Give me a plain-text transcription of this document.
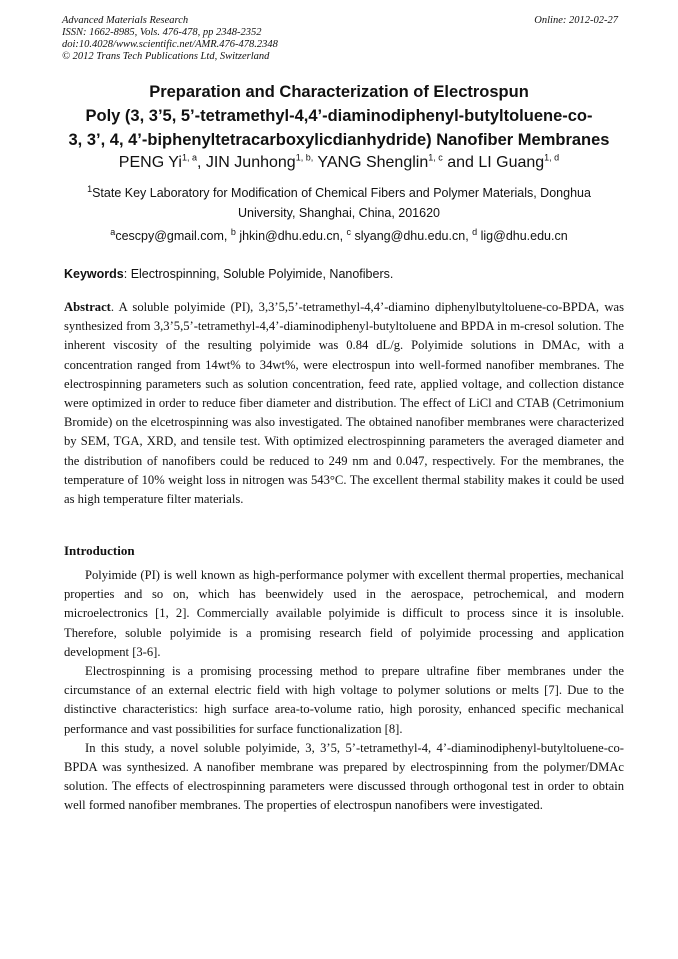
Advanced Materials Research
ISSN: 1662-8985, Vols. 476-478, pp 2348-2352
doi:10.4028/www.scientific.net/AMR.476-478.2348
© 2012 Trans Tech Publications Ltd, Switzerland
Online: 2012-02-27
Preparation and Characterization of Electrospun
Poly (3, 3’5, 5’-tetramethyl-4,4’-diaminodiphenyl-butyltoluene-co-
3, 3’, 4, 4’-biphenyltetracarboxylicdianhydride) Nanofiber Membranes
PENG Yi$^{1, a}$, JIN Junhong$^{1, b,}$ YANG Shenglin$^{1, c}$ and LI Guang$^{1, d}$
$^1$State Key Laboratory for Modification of Chemical Fibers and Polymer Materials, Donghua
University, Shanghai, China, 201620
$^a$cescpy@gmail.com, $^b$ jhkin@dhu.edu.cn, $^c$ slyang@dhu.edu.cn, $^d$ lig@dhu.edu.cn
Keywords: Electrospinning, Soluble Polyimide, Nanofibers.

Abstract. A soluble polyimide (PI), 3,3’5,5’-tetramethyl-4,4’-diamino diphenylbutyltoluene-co-BPDA, was synthesized from 3,3’5,5’-tetramethyl-4,4’-diaminodiphenyl-butyltoluene and BPDA in m-cresol solution. The inherent viscosity of the resulting polyimide was 0.84 dL/g. Polyimide solutions in DMAc, with a concentration ranged from 14wt% to 34wt%, were electrospun into well-formed nanofiber membranes. The electrospinning parameters such as solution concentration, feed rate, applied voltage, and collection distance were optimized in order to reduce fiber diameter and distribution. The effect of LiCl and CTAB (Cetrimonium Bromide) on the elcetrospinning was also investigated. The obtained nanofiber membranes were characterized by SEM, TGA, XRD, and tensile test. With optimized electrospinning parameters the averaged diameter and the distribution of nanofibers could be reduced to 249 nm and 0.047, respectively. For the membranes, the temperature of 10% weight loss in nitrogen was 543°C. The excellent thermal stability makes it could be used as high temperature filter materials.

Introduction

Polyimide (PI) is well known as high-performance polymer with excellent thermal properties, mechanical properties and so on, which has beenwidely used in the aerospace, petrochemical, and modern microelectronics [1, 2]. Commercially available polyimide is difficult to process since it is insoluble. Therefore, soluble polyimide is a promising research field of polyimide processing and application development [3-6].

Electrospinning is a promising processing method to prepare ultrafine fiber membranes under the circumstance of an external electric field with high voltage to polymer solutions or melts [7]. Due to the distinctive characteristics: high surface area-to-volume ratio, high porosity, enhanced specific mechanical performance and vast possibilities for surface functionalization [8].

In this study, a novel soluble polyimide, 3, 3’5, 5’-tetramethyl-4, 4’-diaminodiphenyl-butyltoluene-co-BPDA was synthesized. A nanofiber membrane was prepared by electrospinning from the polymer/DMAc solution. The effects of electrospinning parameters were discussed through orthogonal test in order to obtain well formed nanofiber membranes. The properties of electrospun nanofibers were investigated.
